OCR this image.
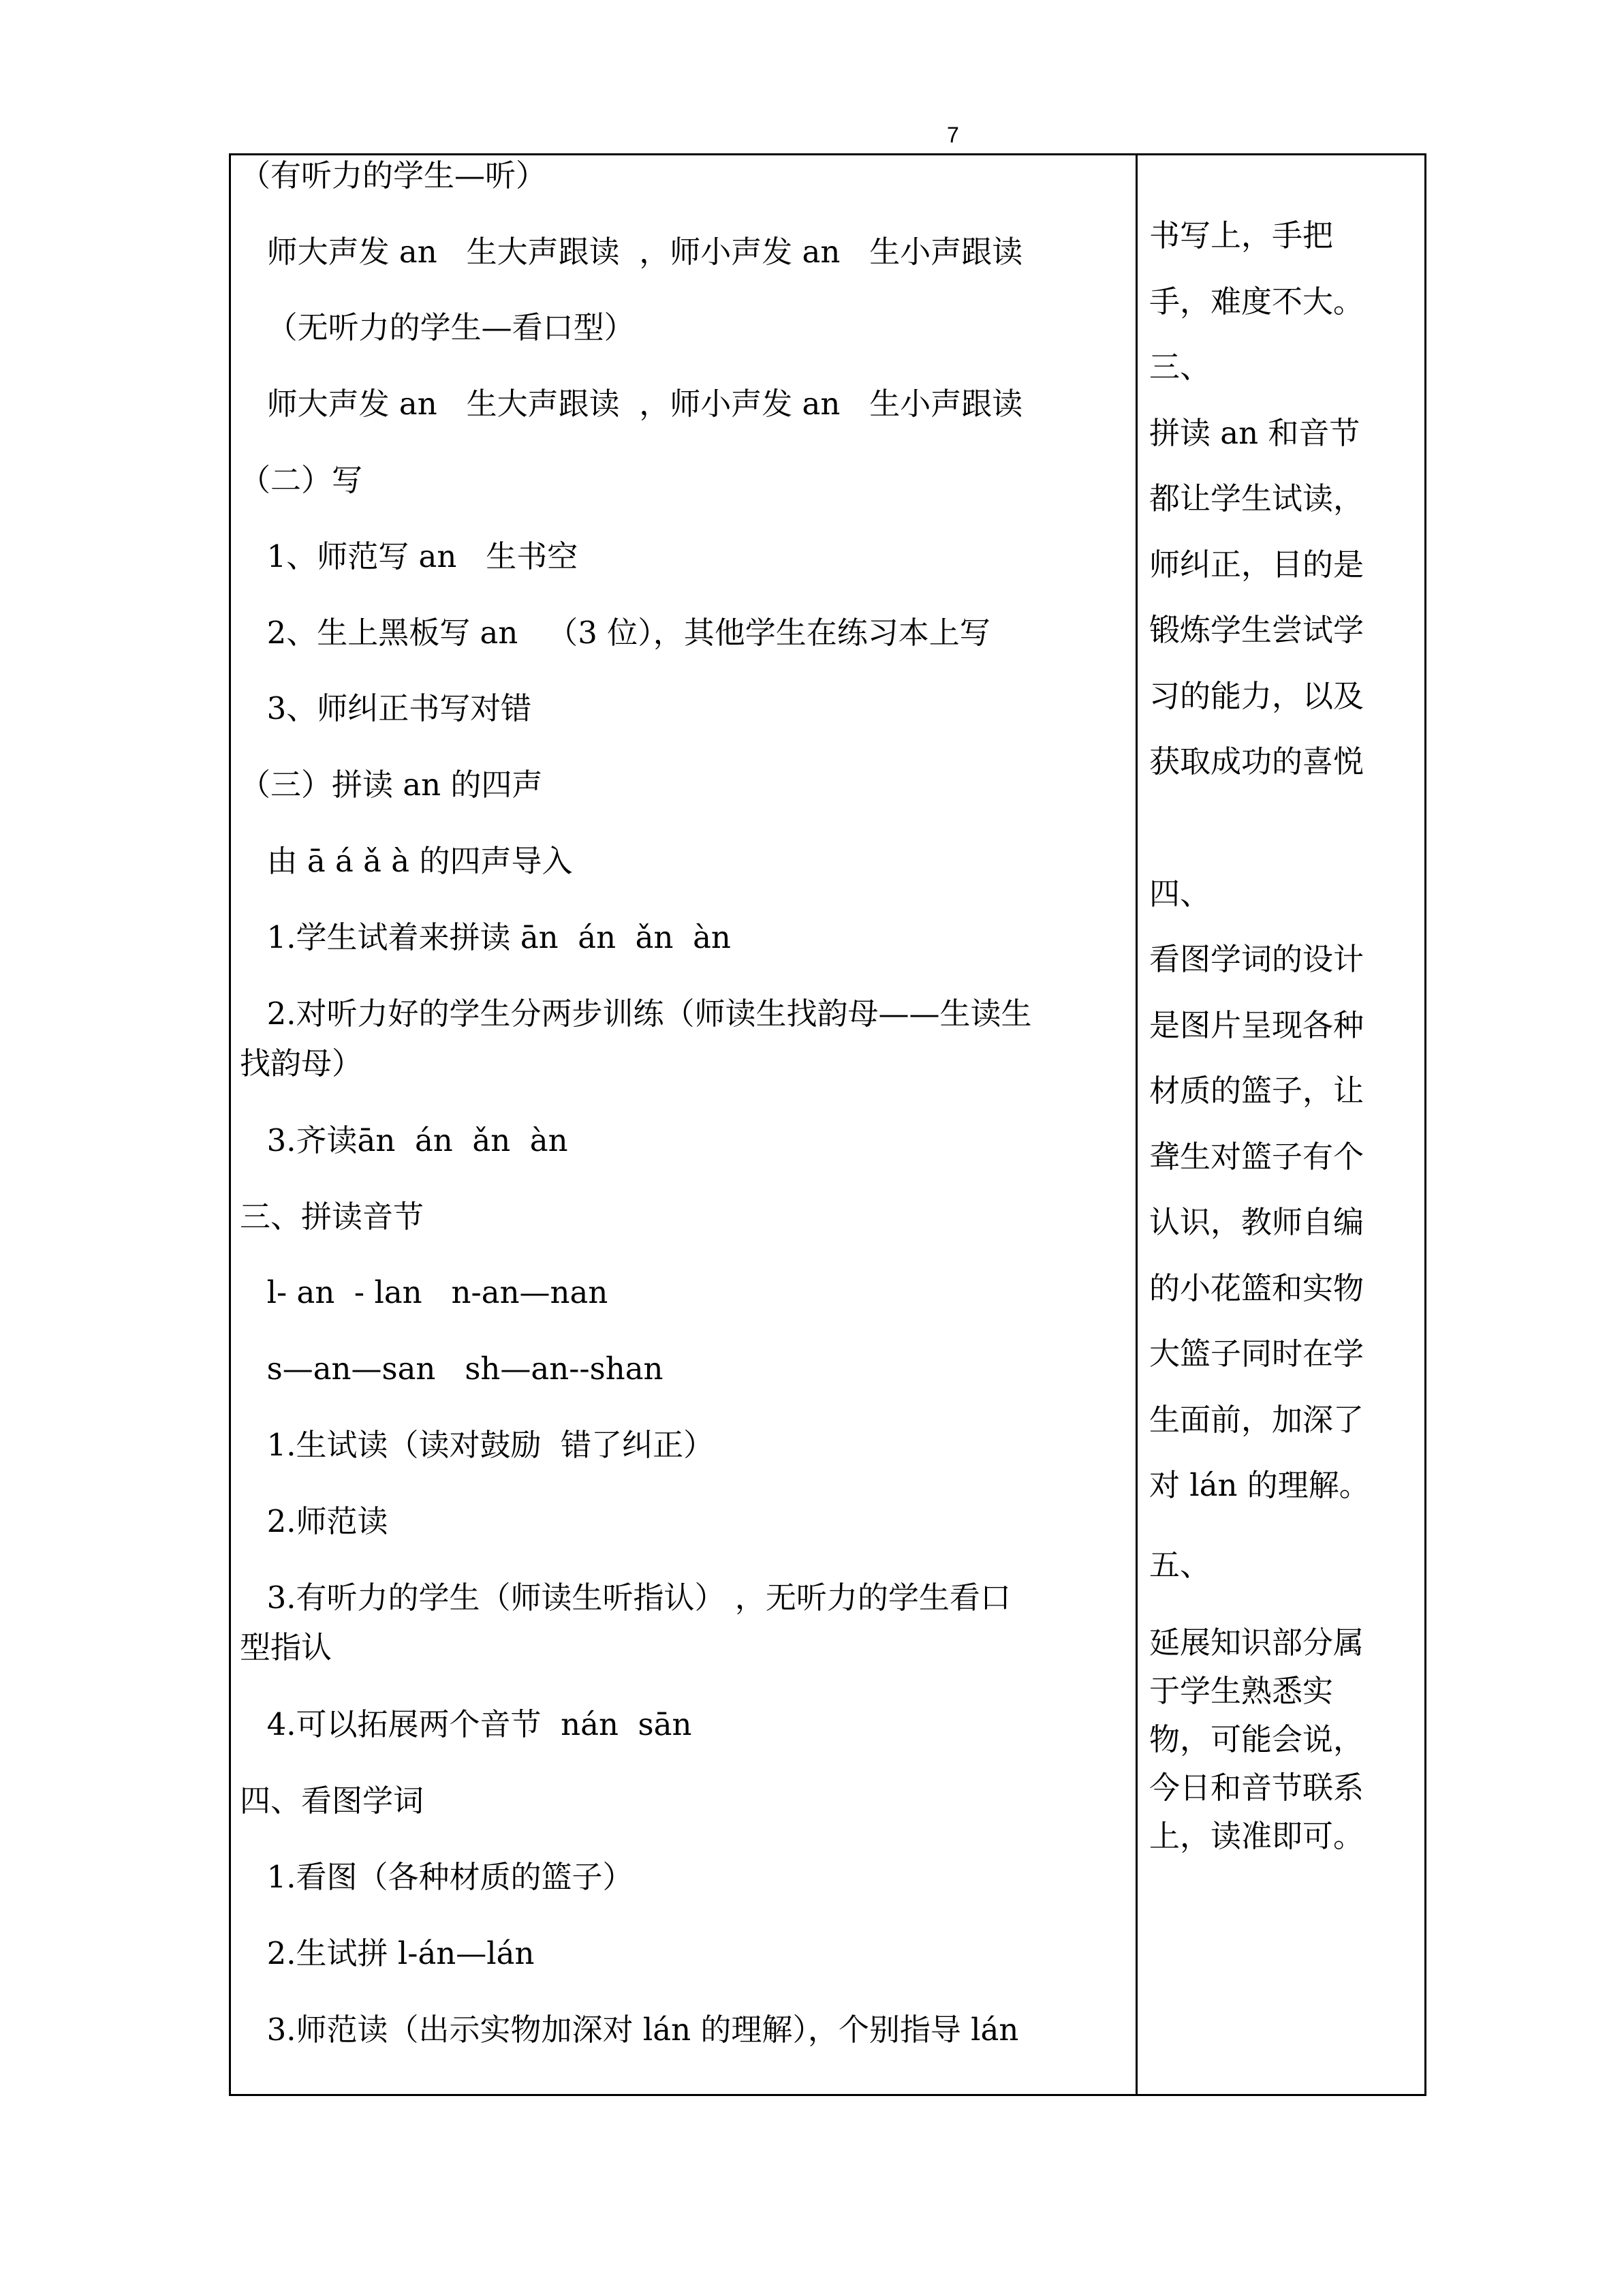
7
（有听力的学生—听）
师大声发 an   生大声跟读  ，师小声发 an   生小声跟读
（无听力的学生—看口型）
师大声发 an   生大声跟读  ，师小声发 an   生小声跟读
（二）写
1、师范写 an   生书空
2、生上黑板写 an   （3 位），其他学生在练习本上写
3、师纠正书写对错
（三）拼读 an 的四声
由 ā á ǎ à 的四声导入
1.学生试着来拼读 ān  án  ǎn  àn
2.对听力好的学生分两步训练（师读生找韵母——生读生
找韵母）
3.齐读ān  án  ǎn  àn
三、拼读音节
l- an  - lan   n-an—nan
s—an—san   sh—an--shan
1.生试读（读对鼓励  错了纠正）
2.师范读
3.有听力的学生（师读生听指认） ，无听力的学生看口
型指认
4.可以拓展两个音节  nán  sān
四、看图学词
1.看图（各种材质的篮子）
2.生试拼 l-án—lán
3.师范读（出示实物加深对 lán 的理解），个别指导 lán
书写上，手把
手，难度不大。
三、
拼读 an 和音节
都让学生试读，
师纠正，目的是
锻炼学生尝试学
习的能力，以及
获取成功的喜悦
四、
看图学词的设计
是图片呈现各种
材质的篮子，让
聋生对篮子有个
认识，教师自编
的小花篮和实物
大篮子同时在学
生面前，加深了
对 lán 的理解。
五、
延展知识部分属
于学生熟悉实
物，可能会说，
今日和音节联系
上，读准即可。
